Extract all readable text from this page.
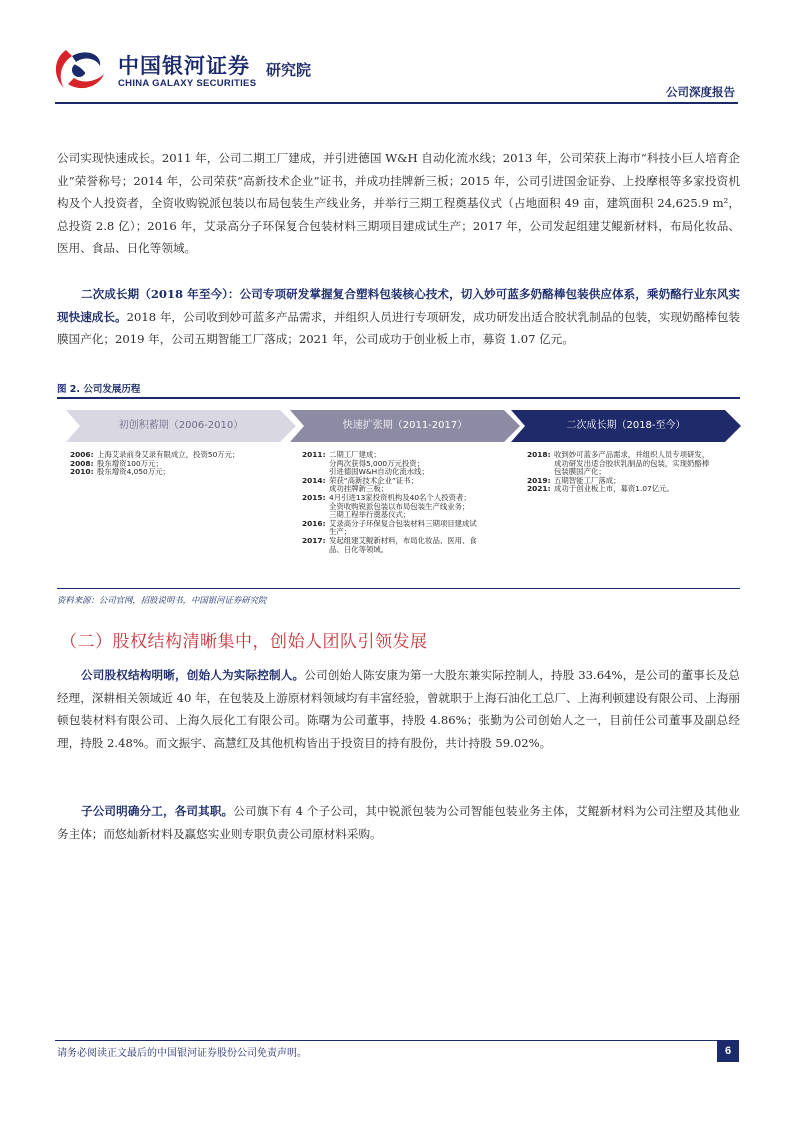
中国银河证券
CHINA GALAXY SECURITIES
研究院
公司深度报告
公司实现快速成长。2011 年，公司二期工厂建成，并引进德国 W&H 自动化流水线；2013 年，公司荣获上海市“科技小巨人培育企业”荣誉称号；2014 年，公司荣获“高新技术企业”证书，并成功挂牌新三板；2015 年，公司引进国金证券、上投摩根等多家投资机构及个人投资者，全资收购锐派包装以布局包装生产线业务，并举行三期工程奠基仪式（占地面积 49 亩，建筑面积 24,625.9 m²，总投资 2.8 亿）；2016 年，艾录高分子环保复合包装材料三期项目建成试生产；2017 年，公司发起组建艾鲲新材料，布局化妆品、医用、食品、日化等领域。
二次成长期（2018 年至今）：公司专项研发掌握复合塑料包装核心技术，切入妙可蓝多奶酪棒包装供应体系，乘奶酪行业东风实现快速成长。2018 年，公司收到妙可蓝多产品需求，并组织人员进行专项研发，成功研发出适合胶状乳制品的包装，实现奶酪棒包装膜国产化；2019 年，公司五期智能工厂落成；2021 年，公司成功于创业板上市，募资 1.07 亿元。
图 2. 公司发展历程
初创积蓄期（2006-2010）	快速扩张期（2011-2017）	二次成长期（2018-至今）
2006: 上海艾录前身艾录有限成立，投资50万元；
2008: 股东增资100万元；
2010: 股东增资4,050万元；
2011: 二期工厂建成；
分两次获得5,000万元投资；
引进德国W&H自动化流水线；
2014: 荣获“高新技术企业”证书；
成功挂牌新三板；
2015: 4月引进13家投资机构及40名个人投资者；
全资收购锐派包装以布局包装生产线业务；
三期工程举行奠基仪式；
2016: 艾录高分子环保复合包装材料三期项目建成试
生产；
2017: 发起组建艾鲲新材料，布局化妆品、医用、食
品、日化等领域。
2018: 收到妙可蓝多产品需求，并组织人员专项研发，
成功研发出适合胶状乳制品的包装，实现奶酪棒
包装膜国产化；
2019: 五期智能工厂落成；
2021: 成功于创业板上市，募资1.07亿元。
资料来源：公司官网，招股说明书，中国银河证券研究院
（二）股权结构清晰集中，创始人团队引领发展
公司股权结构明晰，创始人为实际控制人。公司创始人陈安康为第一大股东兼实际控制人，持股 33.64%，是公司的董事长及总经理，深耕相关领域近 40 年，在包装及上游原材料领域均有丰富经验，曾就职于上海石油化工总厂、上海利顿建设有限公司、上海丽顿包装材料有限公司、上海久辰化工有限公司。陈曙为公司董事，持股 4.86%；张勤为公司创始人之一，目前任公司董事及副总经理，持股 2.48%。而文振宇、高慧红及其他机构皆出于投资目的持有股份，共计持股 59.02%。
子公司明确分工，各司其职。公司旗下有 4 个子公司，其中锐派包装为公司智能包装业务主体，艾鲲新材料为公司注塑及其他业务主体；而悠灿新材料及赢悠实业则专职负责公司原材料采购。
请务必阅读正文最后的中国银河证券股份公司免责声明。	6
